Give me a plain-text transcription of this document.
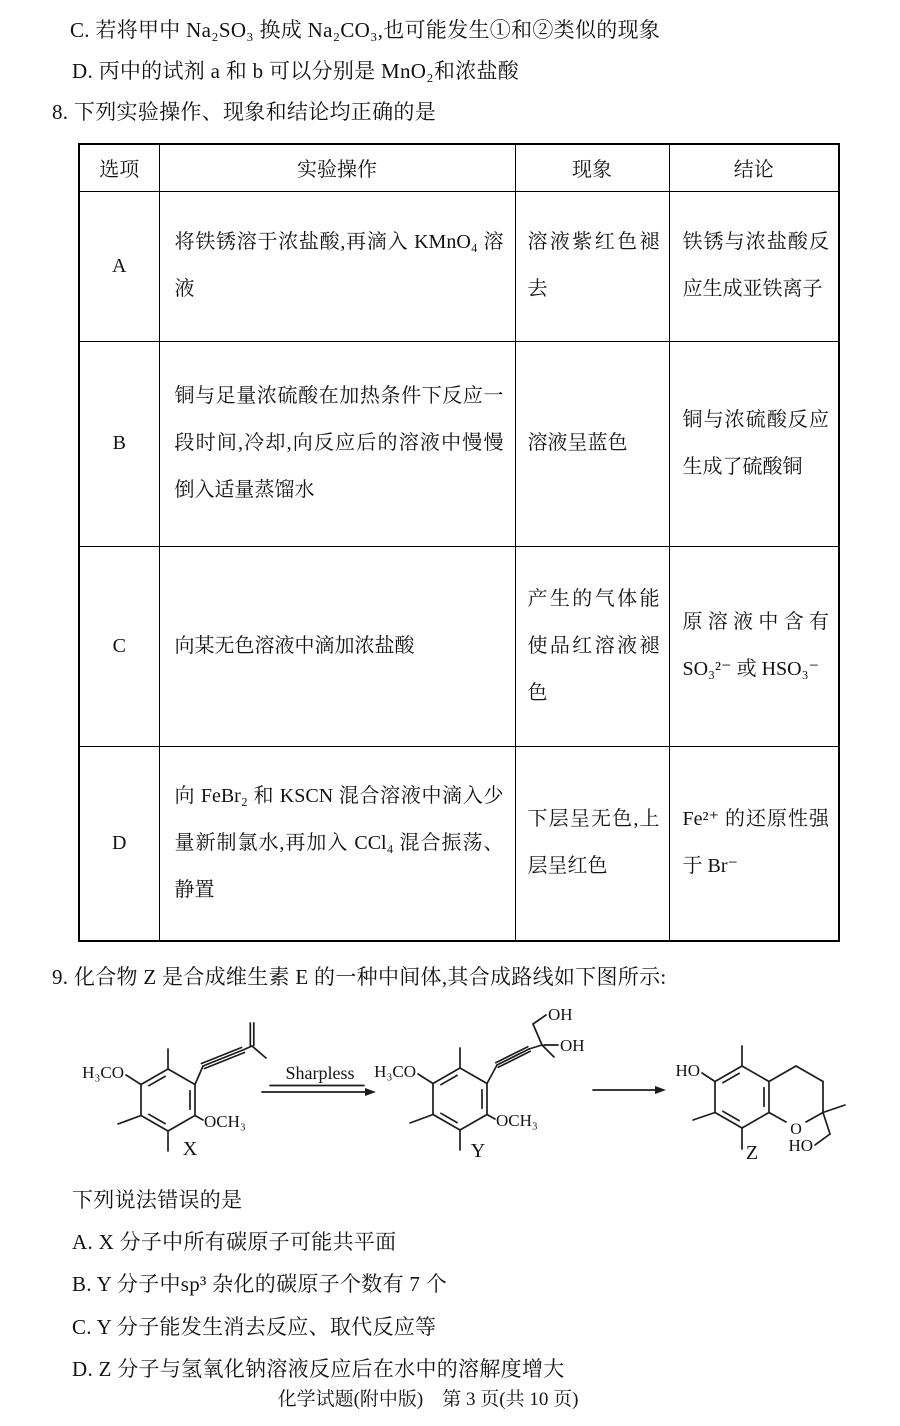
C. 若将甲中 Na₂SO₃ 换成 Na₂CO₃,也可能发生①和②类似的现象
D. 丙中的试剂 a 和 b 可以分别是 MnO₂和浓盐酸
8. 下列实验操作、现象和结论均正确的是
选项	实验操作	现象	结论
A	将铁锈溶于浓盐酸,再滴入 KMnO₄ 溶液	溶液紫红色褪去	铁锈与浓盐酸反应生成亚铁离子

B	铜与足量浓硫酸在加热条件下反应一段时间,冷却,向反应后的溶液中慢慢倒入适量蒸馏水	溶液呈蓝色	铜与浓硫酸反应生成了硫酸铜

C	向某无色溶液中滴加浓盐酸	产生的气体能使品红溶液褪色	原溶液中含有 SO₃²⁻ 或 HSO₃⁻

D	向 FeBr₂ 和 KSCN 混合溶液中滴入少量新制氯水,再加入 CCl₄ 混合振荡、静置	下层呈无色,上层呈红色	Fe²⁺ 的还原性强于 Br⁻
9. 化合物 Z 是合成维生素 E 的一种中间体,其合成路线如下图所示:
H₃CO
OCH₃
Sharpless H₃CO
OCH₃
OH
OH
HO
O
HO
X	Y	Z
下列说法错误的是
A. X 分子中所有碳原子可能共平面
B. Y 分子中sp³ 杂化的碳原子个数有 7 个
C. Y 分子能发生消去反应、取代反应等
D. Z 分子与氢氧化钠溶液反应后在水中的溶解度增大
化学试题(附中版)　第 3 页(共 10 页)
